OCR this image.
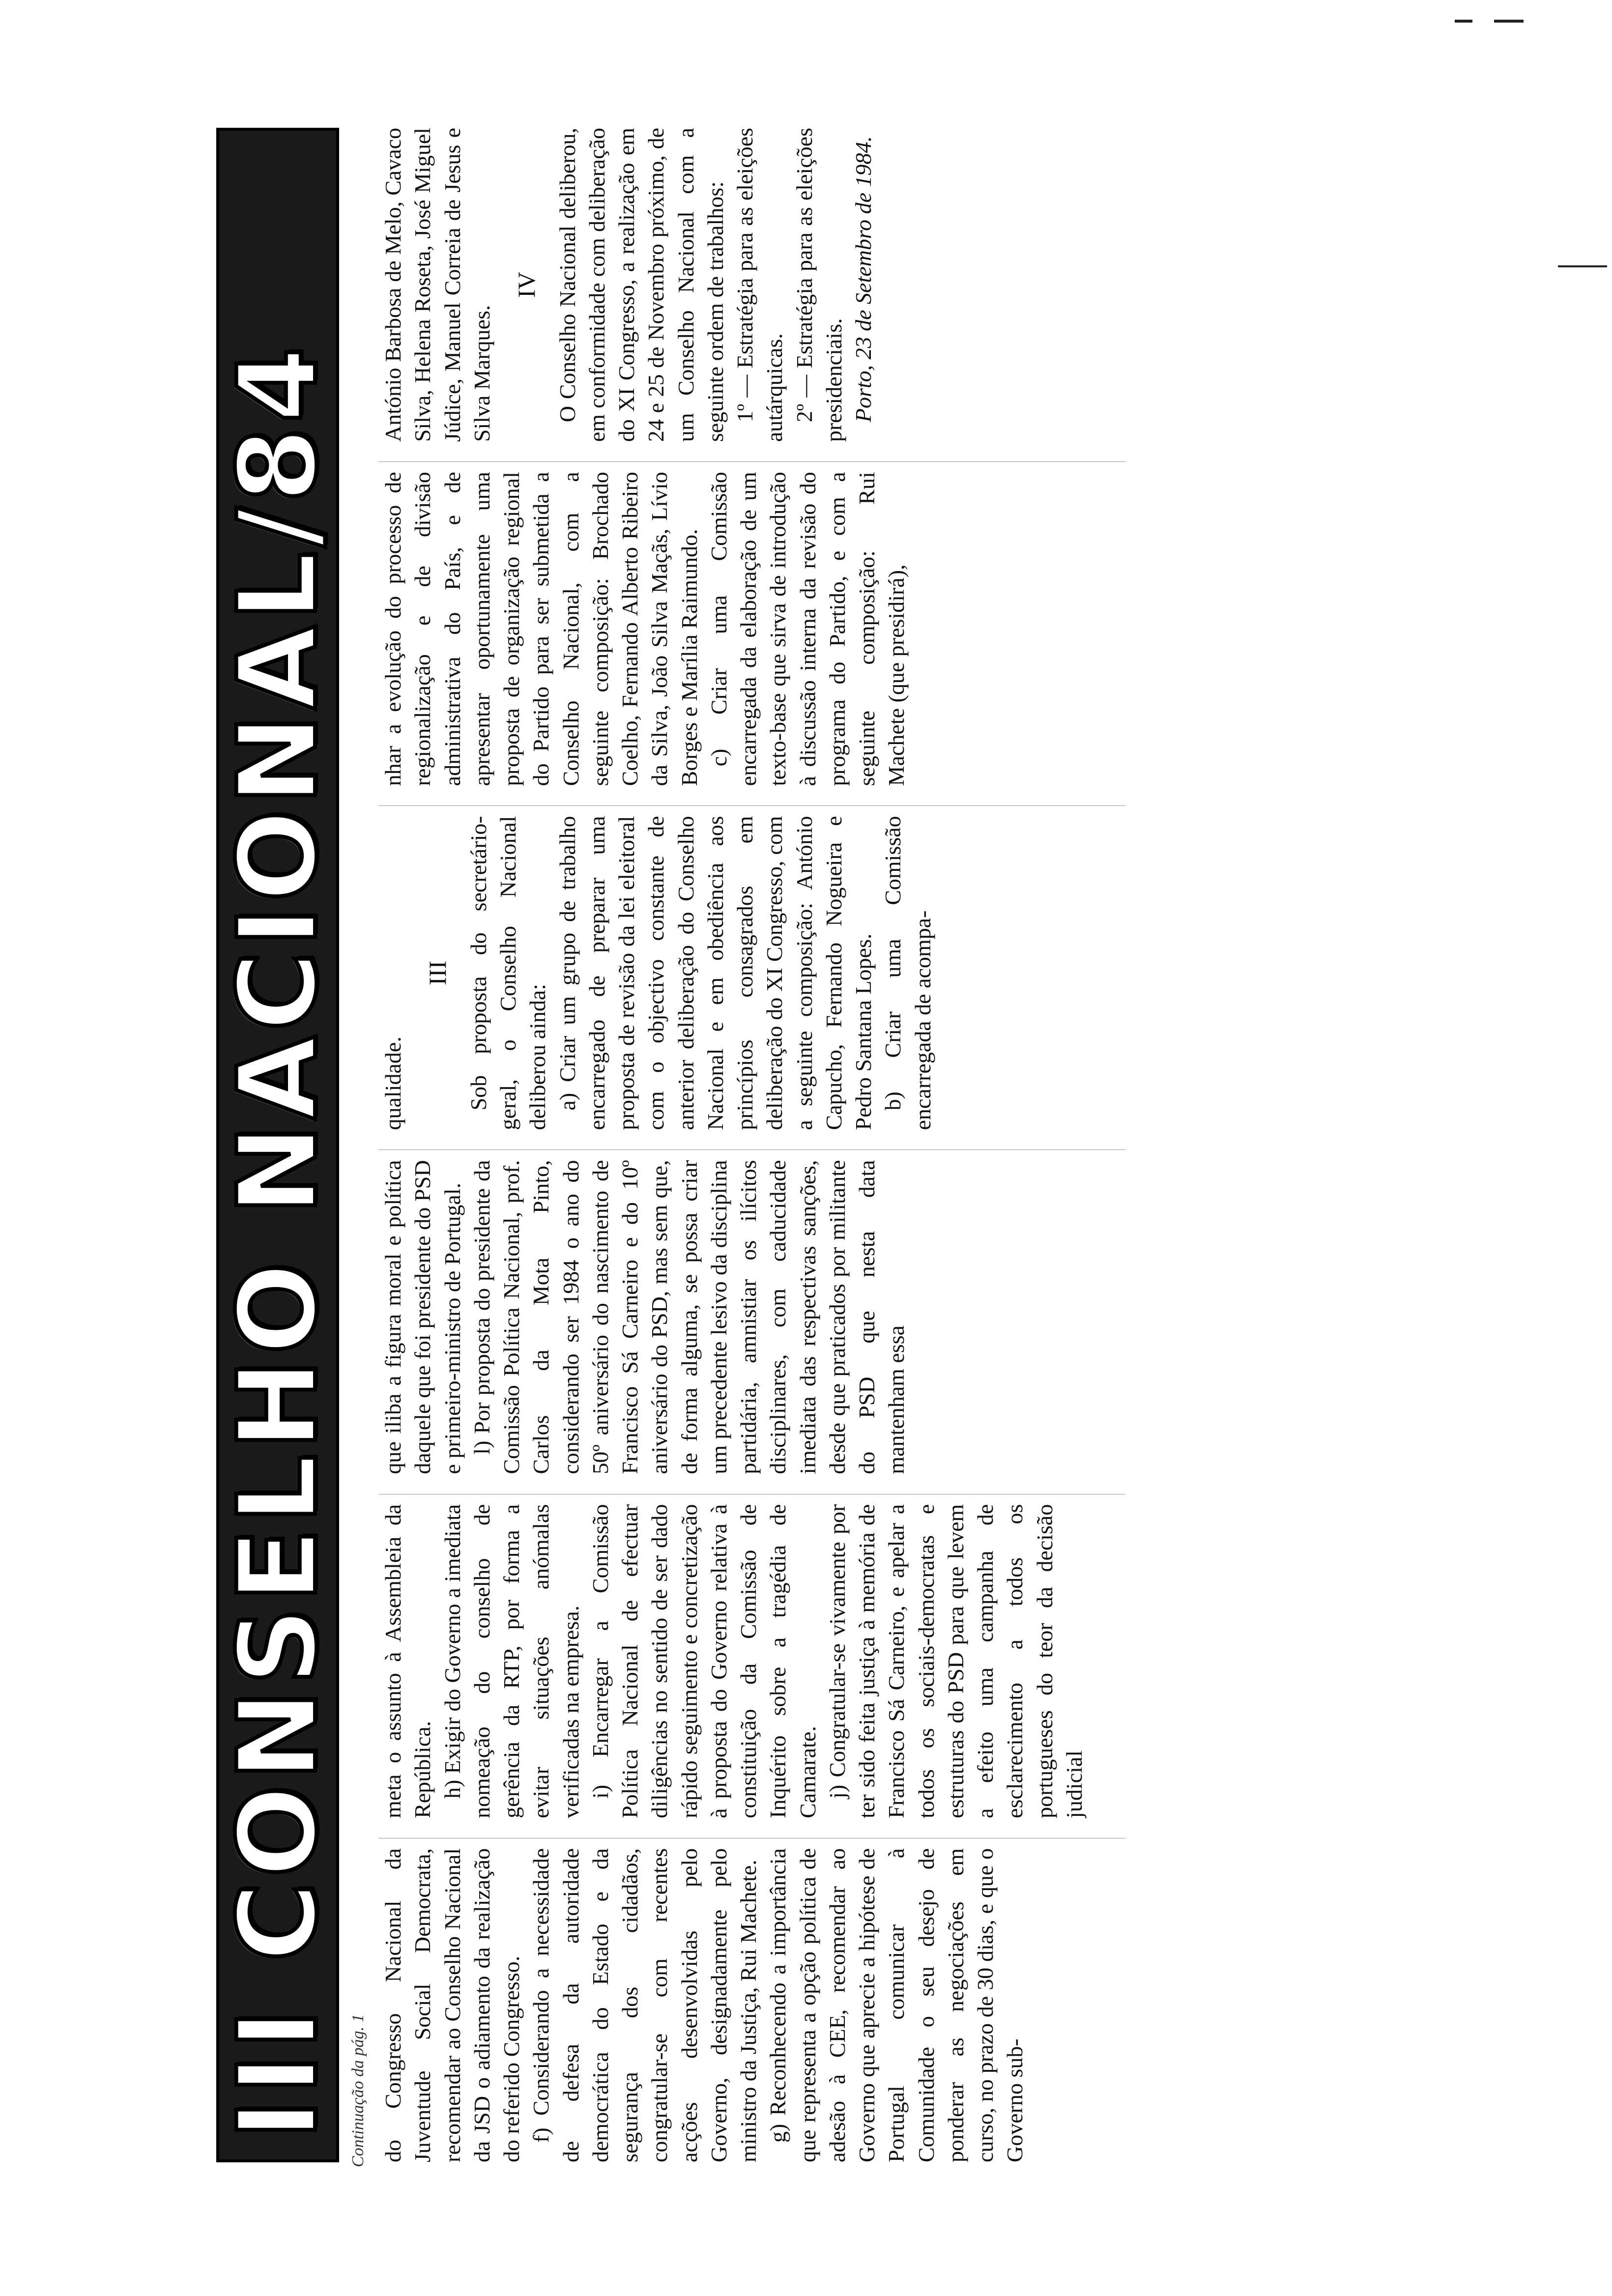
III CONSELHO NACIONAL/84 Continuação da pág. 1 do Congresso Nacional da Juventude Social Democrata, recomendar ao Conselho Nacional da JSD o adiamento da realização do referido Congresso. f) Considerando a necessidade de defesa da autoridade democrática do Estado e da segurança dos cidadãos, congratular-se com recentes acções desenvolvidas pelo Governo, designadamente pelo ministro da Justiça, Rui Machete. g) Reconhecendo a importância que representa a opção política de adesão à CEE, recomendar ao Governo que aprecie a hipótese de Portugal comunicar à Comunidade o seu desejo de ponderar as negociações em curso, no prazo de 30 dias, e que o Governo sub-

meta o assunto à Assembleia da República. h) Exigir do Governo a imediata nomeação do conselho de gerência da RTP, por forma a evitar situações anómalas verificadas na empresa. i) Encarregar a Comissão Política Nacional de efectuar diligências no sentido de ser dado rápido seguimento e concretização à proposta do Governo relativa à constituição da Comissão de Inquérito sobre a tragédia de Camarate. j) Congratular-se vivamente por ter sido feita justiça à memória de Francisco Sá Carneiro, e apelar a todos os sociais-democratas e estruturas do PSD para que levem a efeito uma campanha de esclarecimento a todos os portugueses do teor da decisão judicial

que iliba a figura moral e política daquele que foi presidente do PSD e primeiro-ministro de Portugal. l) Por proposta do presidente da Comissão Política Nacional, prof. Carlos da Mota Pinto, considerando ser 1984 o ano do 50º aniversário do nascimento de Francisco Sá Carneiro e do 10º aniversário do PSD, mas sem que, de forma alguma, se possa criar um precedente lesivo da disciplina partidária, amnistiar os ilícitos disciplinares, com caducidade imediata das respectivas sanções, desde que praticados por militante do PSD que nesta data mantenham essa

qualidade.

III Sob proposta do secretário-geral, o Conselho Nacional deliberou ainda: a) Criar um grupo de trabalho encarregado de preparar uma proposta de revisão da lei eleitoral com o objectivo constante de anterior deliberação do Conselho Nacional e em obediência aos princípios consagrados em deliberação do XI Congresso, com a seguinte composição: António Capucho, Fernando Nogueira e Pedro Santana Lopes. b) Criar uma Comissão encarregada de acompa-

nhar a evolução do processo de regionalização e de divisão administrativa do País, e de apresentar oportunamente uma proposta de organização regional do Partido para ser submetida a Conselho Nacional, com a seguinte composição: Brochado Coelho, Fernando Alberto Ribeiro da Silva, João Silva Maçãs, Lívio Borges e Marília Raimundo. c) Criar uma Comissão encarregada da elaboração de um texto-base que sirva de introdução à discussão interna da revisão do programa do Partido, e com a seguinte composição: Rui Machete (que presidirá),

António Barbosa de Melo, Cavaco Silva, Helena Roseta, José Miguel Júdice, Manuel Correia de Jesus e Silva Marques.

IV O Conselho Nacional deliberou, em conformidade com deliberação do XI Congresso, a realização em 24 e 25 de Novembro próximo, de um Conselho Nacional com a seguinte ordem de trabalhos: 1º — Estratégia para as eleições autárquicas. 2º — Estratégia para as eleições presidenciais. Porto, 23 de Setembro de 1984.
